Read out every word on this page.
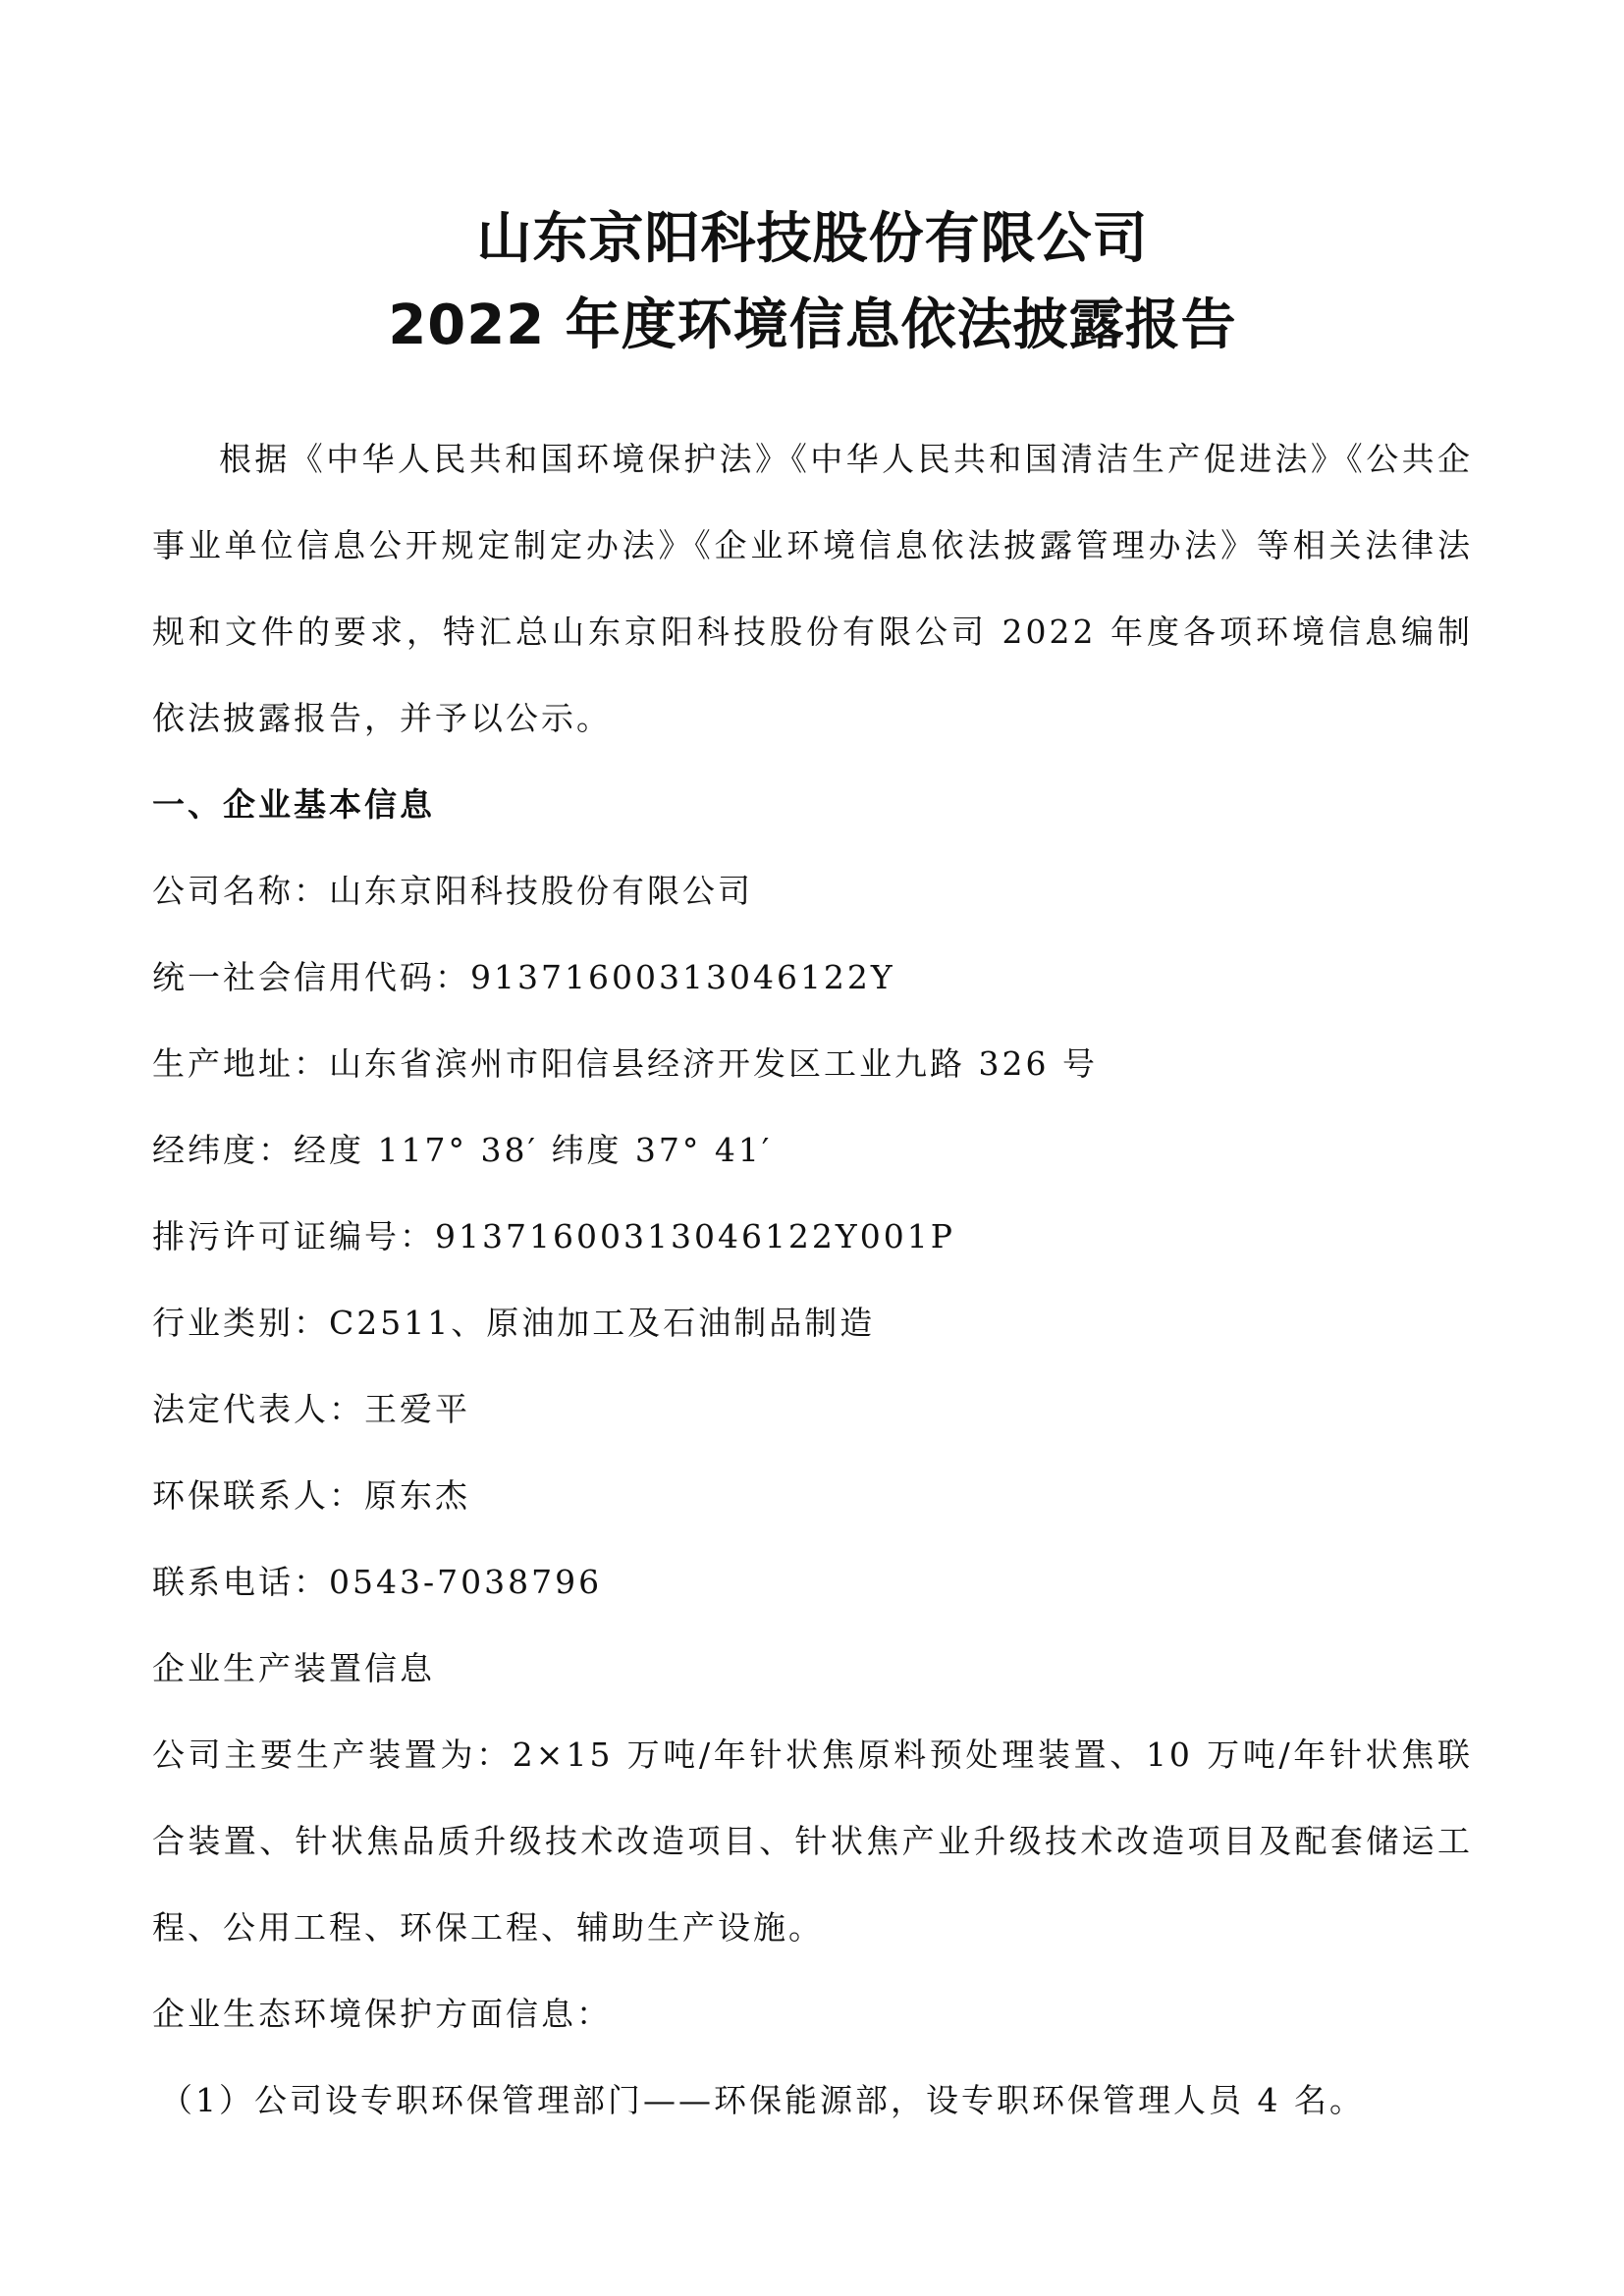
山东京阳科技股份有限公司

2022 年度环境信息依法披露报告

根据《中华人民共和国环境保护法》《中华人民共和国清洁生产促进法》《公共企事业单位信息公开规定制定办法》《企业环境信息依法披露管理办法》等相关法律法规和文件的要求，特汇总山东京阳科技股份有限公司 2022 年度各项环境信息编制依法披露报告，并予以公示。

一、企业基本信息

公司名称：山东京阳科技股份有限公司

统一社会信用代码：91371600313046122Y

生产地址：山东省滨州市阳信县经济开发区工业九路 326 号

经纬度：经度 117° 38′ 纬度 37° 41′

排污许可证编号：91371600313046122Y001P

行业类别：C2511、原油加工及石油制品制造

法定代表人：王爱平

环保联系人：原东杰

联系电话：0543-7038796

企业生产装置信息

公司主要生产装置为：2×15 万吨/年针状焦原料预处理装置、10 万吨/年针状焦联合装置、针状焦品质升级技术改造项目、针状焦产业升级技术改造项目及配套储运工程、公用工程、环保工程、辅助生产设施。

企业生态环境保护方面信息：

（1）公司设专职环保管理部门——环保能源部，设专职环保管理人员 4 名。
